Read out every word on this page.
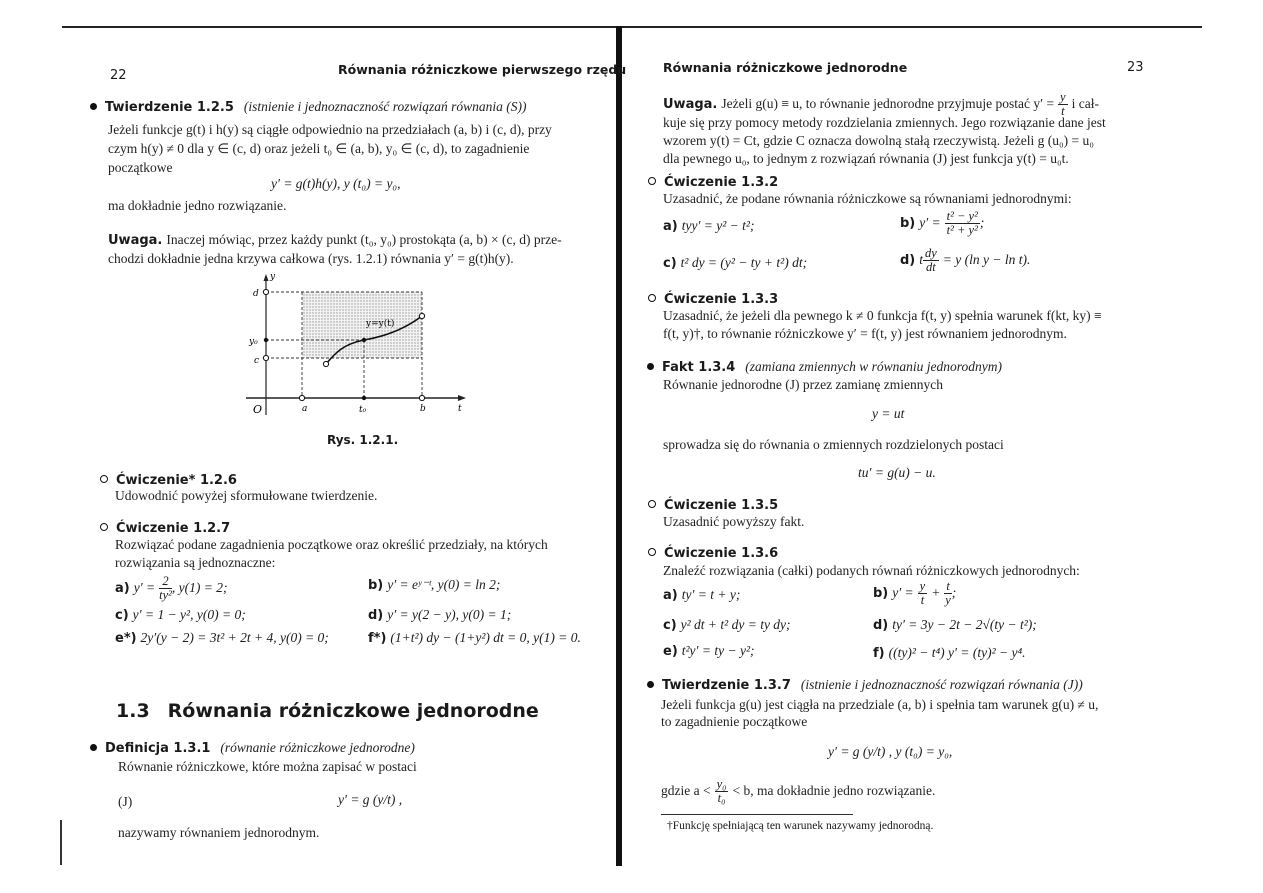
22	Równania różniczkowe pierwszego rzędu
Twierdzenie 1.2.5 (istnienie i jednoznaczność rozwiązań równania (S))
Jeżeli funkcje g(t) i h(y) są ciągłe odpowiednio na przedziałach (a, b) i (c, d), przy
czym h(y) ≠ 0 dla y ∈ (c, d) oraz jeżeli t₀ ∈ (a, b), y₀ ∈ (c, d), to zagadnienie
początkowe
y′ = g(t)h(y), y (t₀) = y₀,
ma dokładnie jedno rozwiązanie.
Uwaga. Inaczej mówiąc, przez każdy punkt (t₀, y₀) prostokąta (a, b) × (c, d) prze-
chodzi dokładnie jedna krzywa całkowa (rys. 1.2.1) równania y′ = g(t)h(y).
y
d
y₀
c
O	a	t₀	b	t
y=y(t)
Rys. 1.2.1.
Ćwiczenie* 1.2.6
Udowodnić powyżej sformułowane twierdzenie.
Ćwiczenie 1.2.7
Rozwiązać podane zagadnienia początkowe oraz określić przedziały, na których
rozwiązania są jednoznaczne:
a) $y' = \frac{2}{\text{ty²}}$ , y(1) = 2;	b) y′ = eʸ⁻ᵗ, y(0) = ln 2;
c) y′ = 1 − y², y(0) = 0;	d) y′ = y(2 − y), y(0) = 1;
e*) 2y′(y − 2) = 3t² + 2t + 4, y(0) = 0;	f*) (1+t²) dy − (1+y²) dt = 0, y(1) = 0.
1.3 Równania różniczkowe jednorodne
Definicja 1.3.1 (równanie różniczkowe jednorodne)
Równanie różniczkowe, które można zapisać w postaci
(J)	y′ = g (y/t) ,
nazywamy równaniem jednorodnym.
Równania różniczkowe jednorodne	23
Uwaga. Jeżeli g(u) ≡ u, to równanie jednorodne przyjmuje postać $y' = \frac{y}{t}$ i cał-
kuje się przy pomocy metody rozdzielania zmiennych. Jego rozwiązanie dane jest
wzorem y(t) = Ct, gdzie C oznacza dowolną stałą rzeczywistą. Jeżeli g (u₀) = u₀
dla pewnego u₀, to jednym z rozwiązań równania (J) jest funkcja y(t) = u₀t.
Ćwiczenie 1.3.2
Uzasadnić, że podane równania różniczkowe są równaniami jednorodnymi:
a) tyy′ = y² − t²;	b) $y' = \frac{\text{t² − y²}}{\text{t² + y²}}$ ;
c) t² dy = (y² − ty + t²) dt;	d) t $\frac{dy}{dt} = y$ (ln y − ln t).
Ćwiczenie 1.3.3
Uzasadnić, że jeżeli dla pewnego k ≠ 0 funkcja f(t, y) spełnia warunek f(kt, ky) ≡
f(t, y)†, to równanie różniczkowe y′ = f(t, y) jest równaniem jednorodnym.
Fakt 1.3.4 (zamiana zmiennych w równaniu jednorodnym)
Równanie jednorodne (J) przez zamianę zmiennych
y = ut
sprowadza się do równania o zmiennych rozdzielonych postaci
tu′ = g(u) − u.
Ćwiczenie 1.3.5
Uzasadnić powyższy fakt.
Ćwiczenie 1.3.6
Znaleźć rozwiązania (całki) podanych równań różniczkowych jednorodnych:
a) ty′ = t + y;	b) $y' = \frac{y}{t} + \frac{t}{y}$ ;
c) y² dt + t² dy = ty dy;	d) ty′ = 3y − 2t − 2√(ty − t²);
e) t²y′ = ty − y²;	f) ((ty)² − t⁴) y′ = (ty)² − y⁴.
Twierdzenie 1.3.7 (istnienie i jednoznaczność rozwiązań równania (J))
Jeżeli funkcja g(u) jest ciągła na przedziale (a, b) i spełnia tam warunek g(u) ≠ u,
to zagadnienie początkowe
y′ = g (y/t) , y (t₀) = y₀,
gdzie $a < \frac{\text{y₀}}{\text{t₀}} < b$, ma dokładnie jedno rozwiązanie.
†Funkcję spełniającą ten warunek nazywamy jednorodną.
